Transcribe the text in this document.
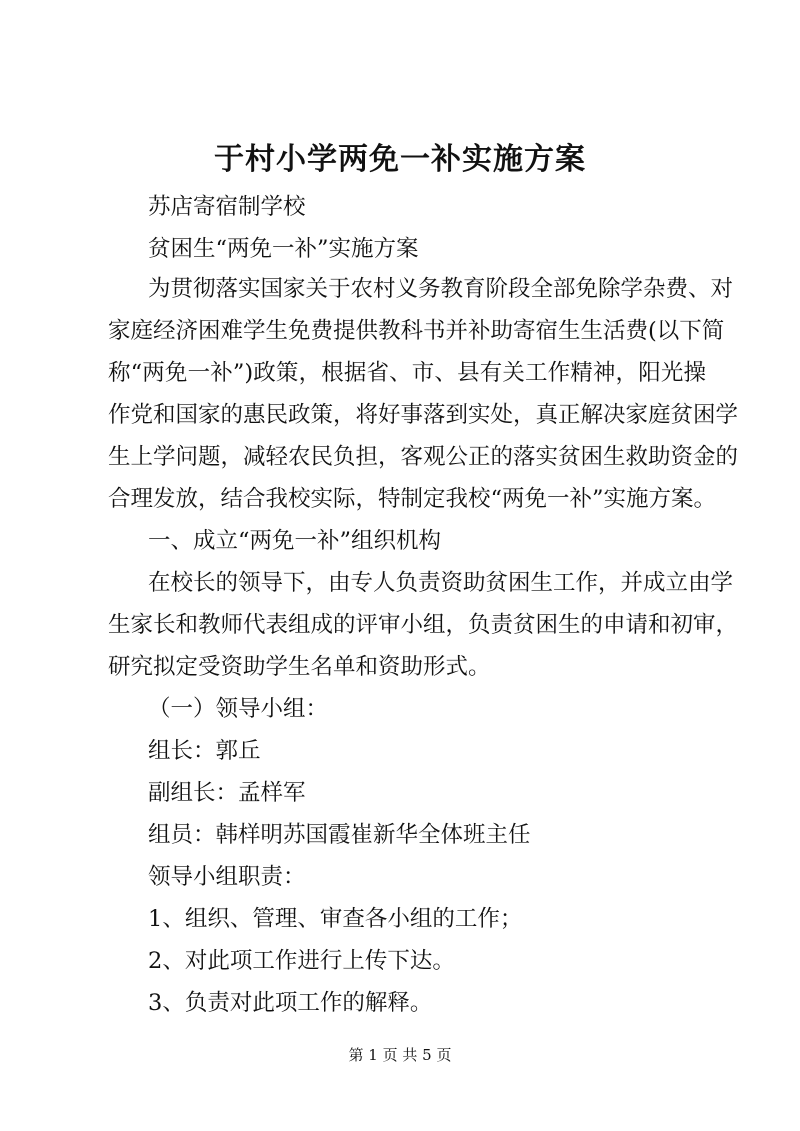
于村小学两免一补实施方案
苏店寄宿制学校
贫困生“两免一补”实施方案
为贯彻落实国家关于农村义务教育阶段全部免除学杂费、对
家庭经济困难学生免费提供教科书并补助寄宿生生活费(以下简
称“两免一补”)政策，根据省、市、县有关工作精神，阳光操
作党和国家的惠民政策，将好事落到实处，真正解决家庭贫困学
生上学问题，减轻农民负担，客观公正的落实贫困生救助资金的
合理发放，结合我校实际，特制定我校“两免一补”实施方案。
一、成立“两免一补”组织机构
在校长的领导下，由专人负责资助贫困生工作，并成立由学
生家长和教师代表组成的评审小组，负责贫困生的申请和初审，
研究拟定受资助学生名单和资助形式。
（一）领导小组：
组长：郭丘
副组长：孟样军
组员：韩样明苏国霞崔新华全体班主任
领导小组职责：
1、组织、管理、审查各小组的工作；
2、对此项工作进行上传下达。
3、负责对此项工作的解释。
第 1 页 共 5 页
